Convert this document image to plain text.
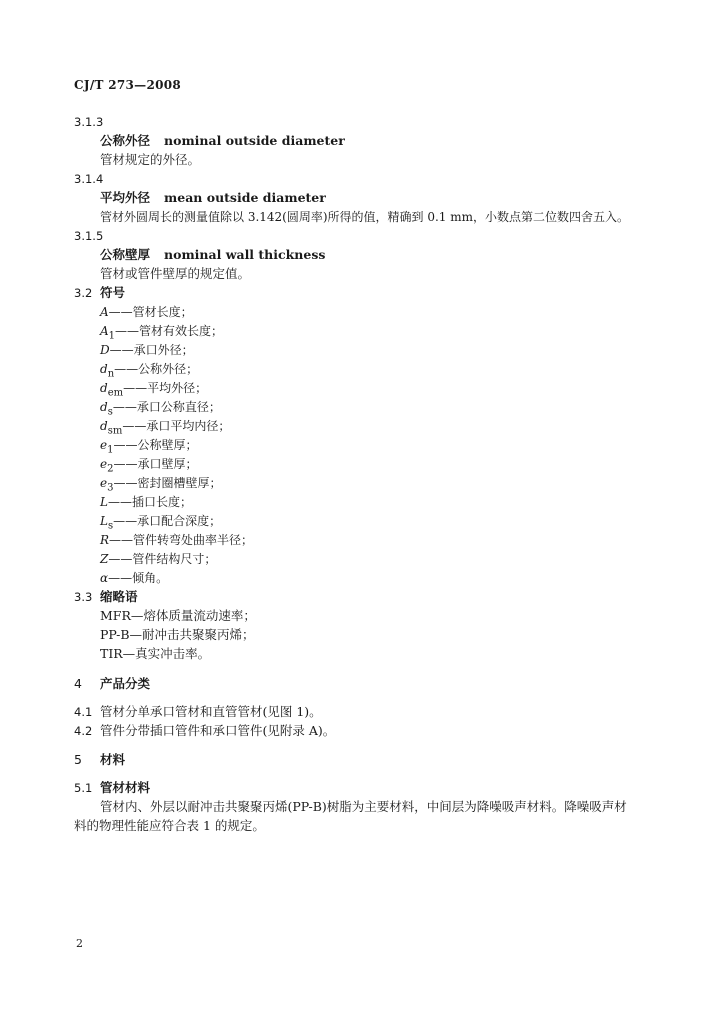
CJ/T 273—2008
3.1.3
公称外径 nominal outside diameter
管材规定的外径。
3.1.4
平均外径 mean outside diameter
管材外圆周长的测量值除以 3.142(圆周率)所得的值，精确到 0.1 mm，小数点第二位数四舍五入。
3.1.5
公称壁厚 nominal wall thickness
管材或管件壁厚的规定值。
3.2 符号
A——管材长度；
$A_1——$管材有效长度；
D——承口外径；
$d_n——$公称外径；
$d_{em}——$平均外径；
$d_s——$承口公称直径；
$d_{sm}——$承口平均内径；
$e_1——$公称壁厚；
$e_2——$承口壁厚；
$e_3——$密封圈槽壁厚；
L——插口长度；
$L_s——$承口配合深度；
R——管件转弯处曲率半径；
Z——管件结构尺寸；
α——倾角。
3.3 缩略语
MFR—熔体质量流动速率；
PP-B—耐冲击共聚聚丙烯；
TIR—真实冲击率。
4 产品分类
4.1 管材分单承口管材和直管管材(见图 1)。
4.2 管件分带插口管件和承口管件(见附录 A)。
5 材料
5.1 管材材料
管材内、外层以耐冲击共聚聚丙烯(PP-B)树脂为主要材料，中间层为降噪吸声材料。降噪吸声材
料的物理性能应符合表 1 的规定。
2
